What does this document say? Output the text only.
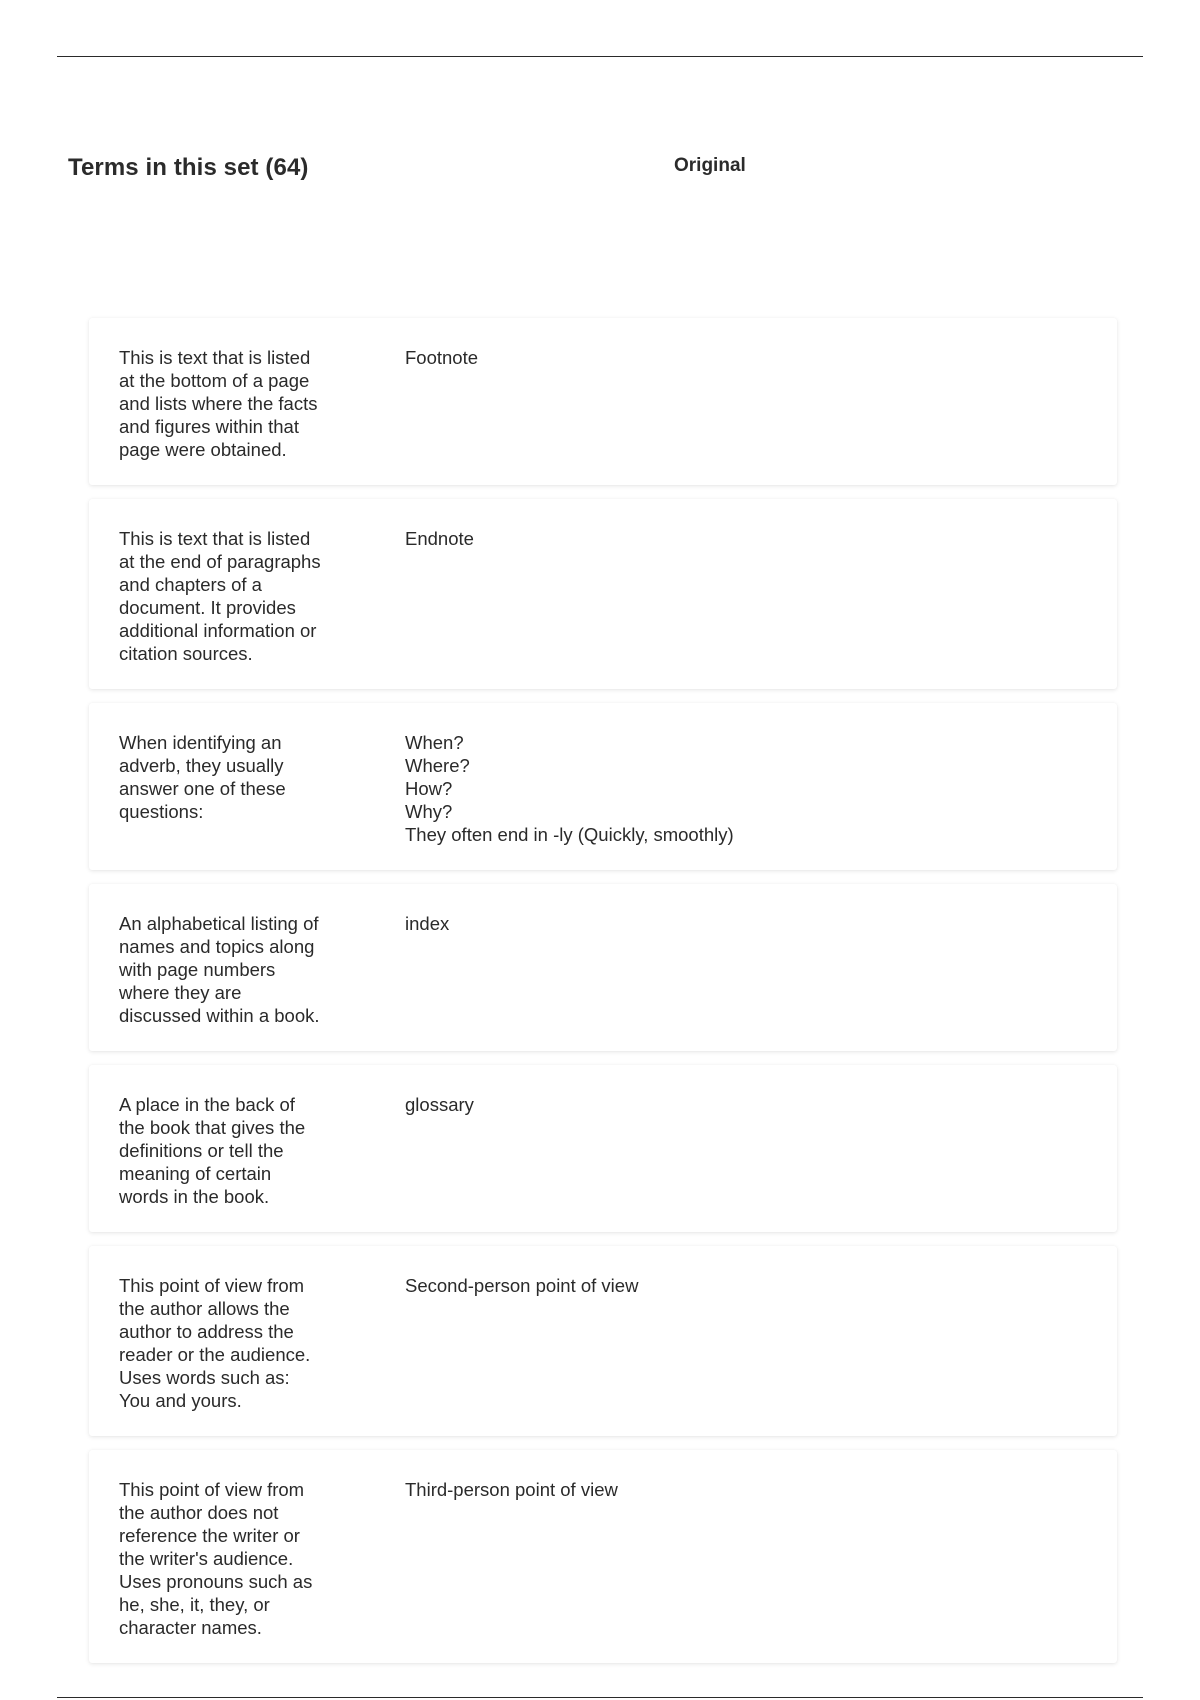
Terms in this set (64)	Original
This is text that is listed
at the bottom of a page
and lists where the facts
and figures within that
page were obtained.
Footnote
This is text that is listed
at the end of paragraphs
and chapters of a
document. It provides
additional information or
citation sources.
Endnote
When identifying an
adverb, they usually
answer one of these
questions:
When?
Where?
How?
Why?
They often end in -ly (Quickly, smoothly)
An alphabetical listing of
names and topics along
with page numbers
where they are
discussed within a book.
index
A place in the back of
the book that gives the
definitions or tell the
meaning of certain
words in the book.
glossary
This point of view from
the author allows the
author to address the
reader or the audience.
Uses words such as:
You and yours.
Second-person point of view
This point of view from
the author does not
reference the writer or
the writer's audience.
Uses pronouns such as
he, she, it, they, or
character names.
Third-person point of view
